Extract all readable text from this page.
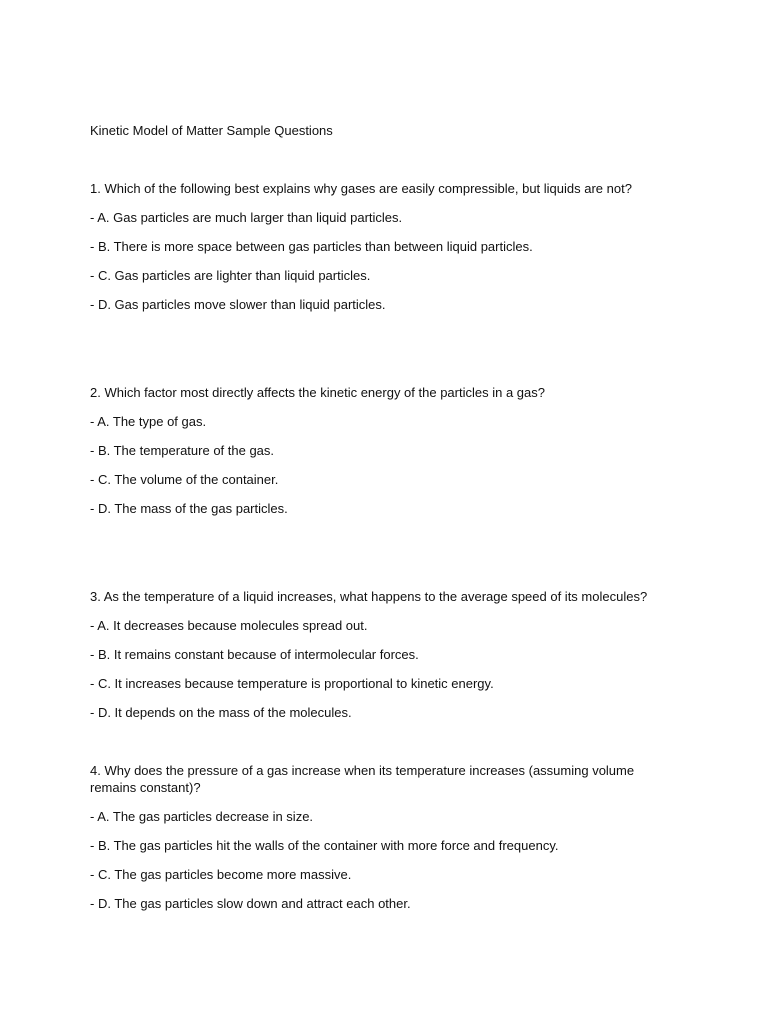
Kinetic Model of Matter Sample Questions

1. Which of the following best explains why gases are easily compressible, but liquids are not?

- A. Gas particles are much larger than liquid particles.

- B. There is more space between gas particles than between liquid particles.

- C. Gas particles are lighter than liquid particles.

- D. Gas particles move slower than liquid particles.

2. Which factor most directly affects the kinetic energy of the particles in a gas?

- A. The type of gas.

- B. The temperature of the gas.

- C. The volume of the container.

- D. The mass of the gas particles.

3. As the temperature of a liquid increases, what happens to the average speed of its molecules?

- A. It decreases because molecules spread out.

- B. It remains constant because of intermolecular forces.

- C. It increases because temperature is proportional to kinetic energy.

- D. It depends on the mass of the molecules.

4. Why does the pressure of a gas increase when its temperature increases (assuming volume remains constant)?

- A. The gas particles decrease in size.

- B. The gas particles hit the walls of the container with more force and frequency.

- C. The gas particles become more massive.

- D. The gas particles slow down and attract each other.
